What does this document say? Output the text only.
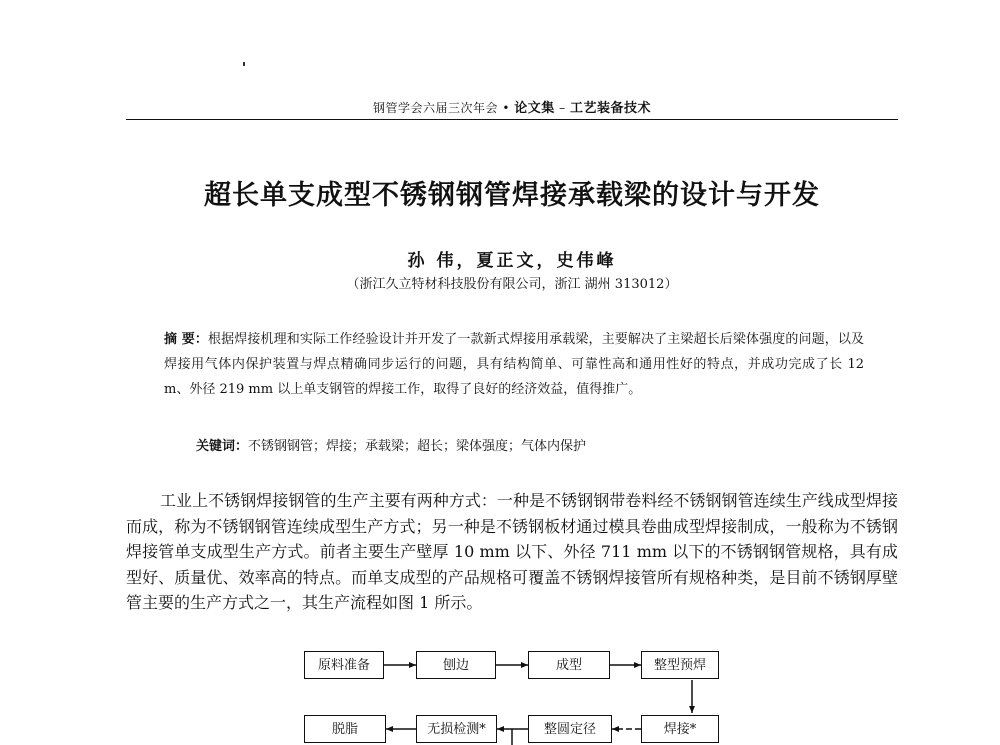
钢管学会六届三次年会 • 论文集 – 工艺装备技术
超长单支成型不锈钢钢管焊接承载梁的设计与开发
孙 伟，夏正文，史伟峰
（浙江久立特材科技股份有限公司，浙江 湖州 313012）

摘 要：根据焊接机理和实际工作经验设计并开发了一款新式焊接用承载梁，主要解决了主梁超长后梁体强度的问题，以及焊接用气体内保护装置与焊点精确同步运行的问题，具有结构简单、可靠性高和通用性好的特点，并成功完成了长 12 m、外径 219 mm 以上单支钢管的焊接工作，取得了良好的经济效益，值得推广。

关键词：不锈钢钢管；焊接；承载梁；超长；梁体强度；气体内保护

工业上不锈钢焊接钢管的生产主要有两种方式：一种是不锈钢钢带卷料经不锈钢钢管连续生产线成型焊接而成，称为不锈钢钢管连续成型生产方式；另一种是不锈钢板材通过模具卷曲成型焊接制成，一般称为不锈钢焊接管单支成型生产方式。前者主要生产壁厚 10 mm 以下、外径 711 mm 以下的不锈钢钢管规格，具有成型好、质量优、效率高的特点。而单支成型的产品规格可覆盖不锈钢焊接管所有规格种类，是目前不锈钢厚壁管主要的生产方式之一，其生产流程如图 1 所示。

原料准备	刨边	成型	整型预焊
脱脂	无损检测*	整圆定径	焊接*
